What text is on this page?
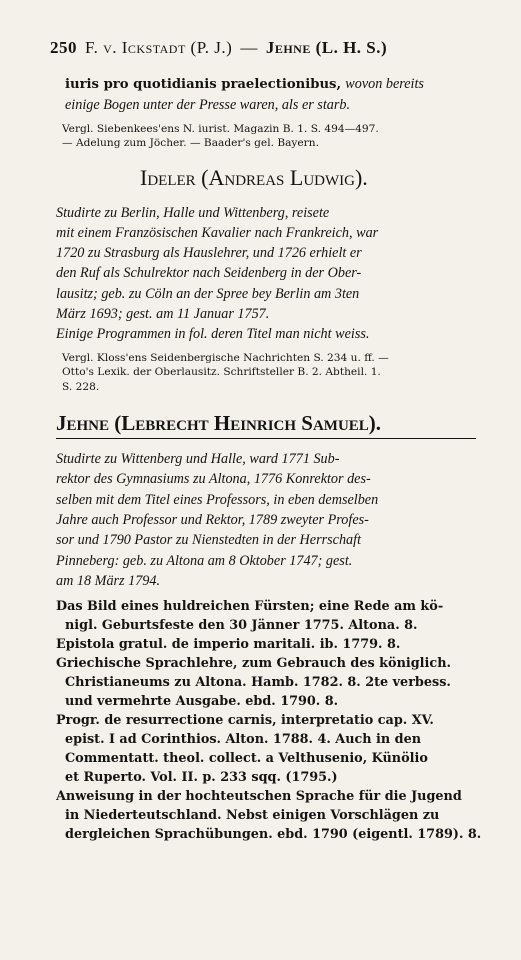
250 F. v. Ickstadt (P. J.) — Jehne (L. H. S.)
iuris pro quotidianis praelectionibus, wovon bereits
einige Bogen unter der Presse waren, als er starb.
Vergl. Siebenkees'ens N. iurist. Magazin B. 1. S. 494—497.
— Adelung zum Jöcher. — Baader's gel. Bayern.
Ideler (Andreas Ludwig).
Studirte zu Berlin, Halle und Wittenberg, reisete
mit einem Französischen Kavalier nach Frankreich, war
1720 zu Strasburg als Hauslehrer, und 1726 erhielt er
den Ruf als Schulrektor nach Seidenberg in der Ober-
lausitz; geb. zu Cöln an der Spree bey Berlin am 3ten
März 1693; gest. am 11 Januar 1757.
Einige Programmen in fol. deren Titel man nicht weiss.
Vergl. Kloss'ens Seidenbergische Nachrichten S. 234 u. ff. —
Otto's Lexik. der Oberlausitz. Schriftsteller B. 2. Abtheil. 1.
S. 228.
Jehne (Lebrecht Heinrich Samuel).
Studirte zu Wittenberg und Halle, ward 1771 Sub-
rektor des Gymnasiums zu Altona, 1776 Konrektor des-
selben mit dem Titel eines Professors, in eben demselben
Jahre auch Professor und Rektor, 1789 zweyter Profes-
sor und 1790 Pastor zu Nienstedten in der Herrschaft
Pinneberg: geb. zu Altona am 8 Oktober 1747; gest.
am 18 März 1794.
Das Bild eines huldreichen Fürsten; eine Rede am kö-
nigl. Geburtsfeste den 30 Jänner 1775. Altona. 8.
Epistola gratul. de imperio maritali. ib. 1779. 8.
Griechische Sprachlehre, zum Gebrauch des königlich.
Christianeums zu Altona. Hamb. 1782. 8. 2te verbess.
und vermehrte Ausgabe. ebd. 1790. 8.
Progr. de resurrectione carnis, interpretatio cap. XV.
epist. I ad Corinthios. Alton. 1788. 4. Auch in den
Commentatt. theol. collect. a Velthusenio, Künölio
et Ruperto. Vol. II. p. 233 sqq. (1795.)
Anweisung in der hochteutschen Sprache für die Jugend
in Niederteutschland. Nebst einigen Vorschlägen zu
dergleichen Sprachübungen. ebd. 1790 (eigentl. 1789). 8.
